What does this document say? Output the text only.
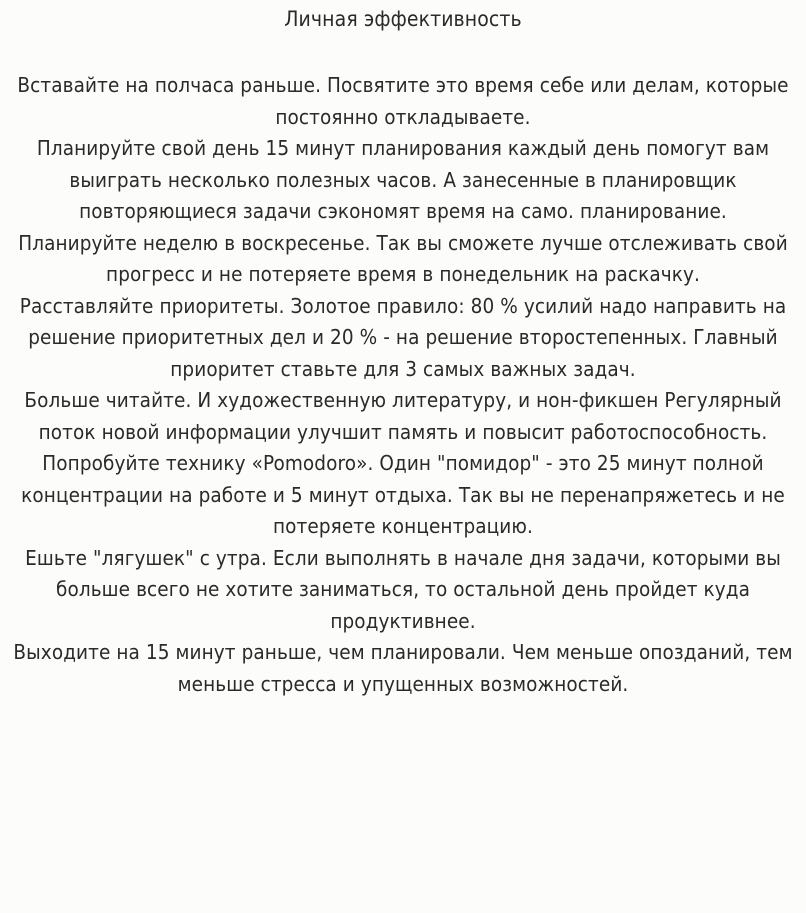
Личная эффективность

Вставайте на полчаса раньше. Посвятите это время себе или делам, которые постоянно откладываете.

Планируйте свой день 15 минут планирования каждый день помогут вам выиграть несколько полезных часов. А занесенные в планировщик повторяющиеся задачи сэкономят время на само. планирование.

Планируйте неделю в воскресенье. Так вы сможете лучше отслеживать свой прогресс и не потеряете время в понедельник на раскачку.

Расставляйте приоритеты. Золотое правило: 80 % усилий надо направить на решение приоритетных дел и 20 % - на решение второстепенных. Главный приоритет ставьте для 3 самых важных задач.

Больше читайте. И художественную литературу, и нон-фикшен Регулярный поток новой информации улучшит память и повысит работоспособность.

Попробуйте технику «Pomodoro». Один "помидор" - это 25 минут полной концентрации на работе и 5 минут отдыха. Так вы не перенапряжетесь и не потеряете концентрацию.

Ешьте "лягушек" с утра. Если выполнять в начале дня задачи, которыми вы больше всего не хотите заниматься, то остальной день пройдет куда продуктивнее.

Выходите на 15 минут раньше, чем планировали. Чем меньше опозданий, тем меньше стресса и упущенных возможностей.
